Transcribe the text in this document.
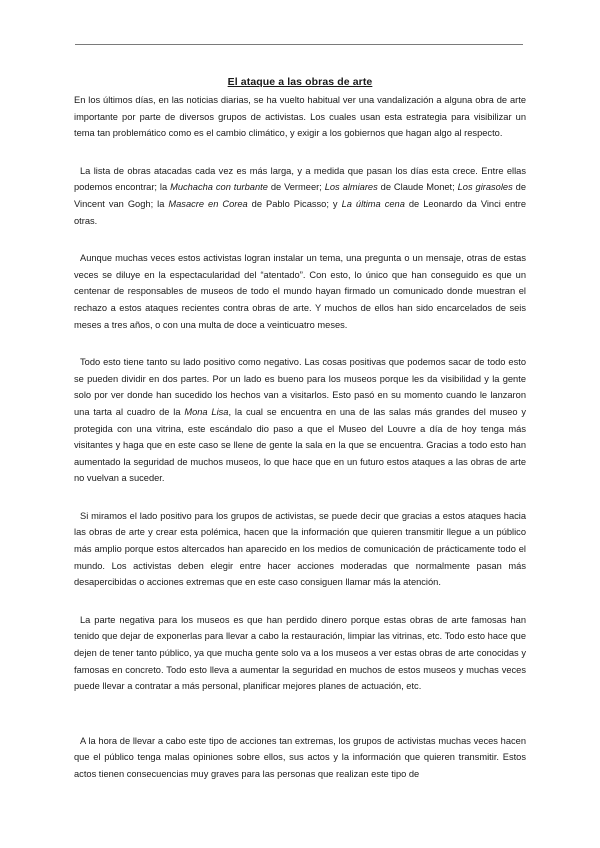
El ataque a las obras de arte

En los últimos días, en las noticias diarias, se ha vuelto habitual ver una vandalización a alguna obra de arte importante por parte de diversos grupos de activistas. Los cuales usan esta estrategia para visibilizar un tema tan problemático como es el cambio climático, y exigir a los gobiernos que hagan algo al respecto.

La lista de obras atacadas cada vez es más larga, y a medida que pasan los días esta crece. Entre ellas podemos encontrar; la Muchacha con turbante de Vermeer; Los almiares de Claude Monet; Los girasoles de Vincent van Gogh; la Masacre en Corea de Pablo Picasso; y La última cena de Leonardo da Vinci entre otras.

Aunque muchas veces estos activistas logran instalar un tema, una pregunta o un mensaje, otras de estas veces se diluye en la espectacularidad del “atentado”. Con esto, lo único que han conseguido es que un centenar de responsables de museos de todo el mundo hayan firmado un comunicado donde muestran el rechazo a estos ataques recientes contra obras de arte. Y muchos de ellos han sido encarcelados de seis meses a tres años, o con una multa de doce a veinticuatro meses.

Todo esto tiene tanto su lado positivo como negativo. Las cosas positivas que podemos sacar de todo esto se pueden dividir en dos partes. Por un lado es bueno para los museos porque les da visibilidad y la gente solo por ver donde han sucedido los hechos van a visitarlos. Esto pasó en su momento cuando le lanzaron una tarta al cuadro de la Mona Lisa, la cual se encuentra en una de las salas más grandes del museo y protegida con una vitrina, este escándalo dio paso a que el Museo del Louvre a día de hoy tenga más visitantes y haga que en este caso se llene de gente la sala en la que se encuentra. Gracias a todo esto han aumentado la seguridad de muchos museos, lo que hace que en un futuro estos ataques a las obras de arte no vuelvan a suceder.

Si miramos el lado positivo para los grupos de activistas, se puede decir que gracias a estos ataques hacia las obras de arte y crear esta polémica, hacen que la información que quieren transmitir llegue a un público más amplio porque estos altercados han aparecido en los medios de comunicación de prácticamente todo el mundo. Los activistas deben elegir entre hacer acciones moderadas que normalmente pasan más desapercibidas o acciones extremas que en este caso consiguen llamar más la atención.

La parte negativa para los museos es que han perdido dinero porque estas obras de arte famosas han tenido que dejar de exponerlas para llevar a cabo la restauración, limpiar las vitrinas, etc. Todo esto hace que dejen de tener tanto público, ya que mucha gente solo va a los museos a ver estas obras de arte conocidas y famosas en concreto. Todo esto lleva a aumentar la seguridad en muchos de estos museos y muchas veces puede llevar a contratar a más personal, planificar mejores planes de actuación, etc.

A la hora de llevar a cabo este tipo de acciones tan extremas, los grupos de activistas muchas veces hacen que el público tenga malas opiniones sobre ellos, sus actos y la información que quieren transmitir. Estos actos tienen consecuencias muy graves para las personas que realizan este tipo de
